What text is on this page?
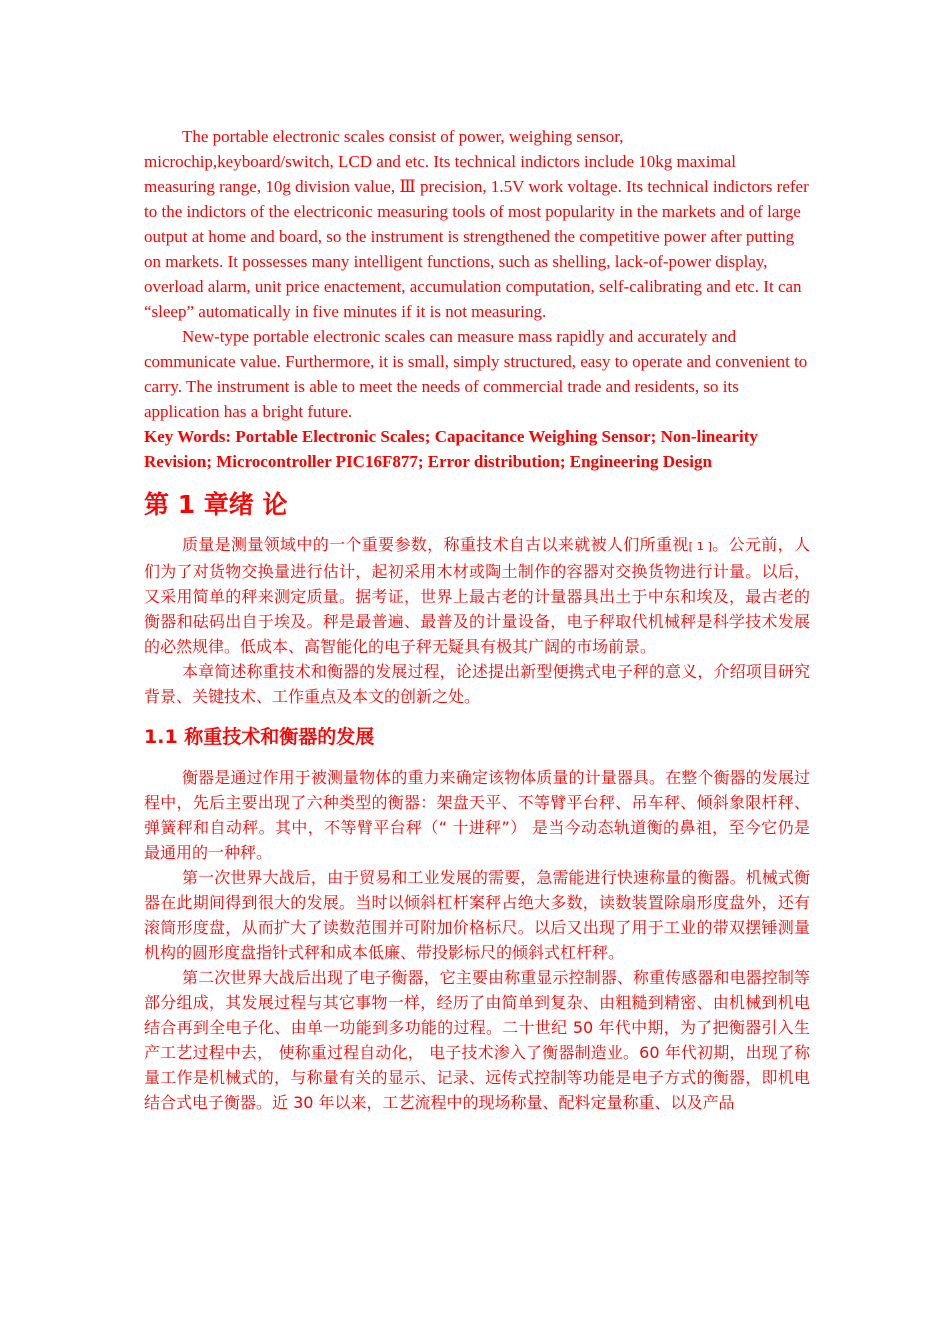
The portable electronic scales consist of power, weighing sensor, microchip,keyboard/switch, LCD and etc. Its technical indictors include 10kg maximal measuring range, 10g division value, Ⅲ precision, 1.5V work voltage. Its technical indictors refer to the indictors of the electriconic measuring tools of most popularity in the markets and of large output at home and board, so the instrument is strengthened the competitive power after putting on markets. It possesses many intelligent functions, such as shelling, lack-of-power display, overload alarm, unit price enactement, accumulation computation, self-calibrating and etc. It can “sleep” automatically in five minutes if it is not measuring.

New-type portable electronic scales can measure mass rapidly and accurately and communicate value. Furthermore, it is small, simply structured, easy to operate and convenient to carry. The instrument is able to meet the needs of commercial trade and residents, so its application has a bright future.

Key Words: Portable Electronic Scales; Capacitance Weighing Sensor; Non-linearity Revision; Microcontroller PIC16F877; Error distribution; Engineering Design

第 1 章绪 论

质量是测量领域中的一个重要参数，称重技术自古以来就被人们所重视[ 1 ]。公元前，人们为了对货物交换量进行估计，起初采用木材或陶土制作的容器对交换货物进行计量。以后，又采用简单的秤来测定质量。据考证，世界上最古老的计量器具出土于中东和埃及，最古老的衡器和砝码出自于埃及。秤是最普遍、最普及的计量设备，电子秤取代机械秤是科学技术发展的必然规律。低成本、高智能化的电子秤无疑具有极其广阔的市场前景。

本章简述称重技术和衡器的发展过程，论述提出新型便携式电子秤的意义，介绍项目研究背景、关键技术、工作重点及本文的创新之处。

1.1 称重技术和衡器的发展

衡器是通过作用于被测量物体的重力来确定该物体质量的计量器具。在整个衡器的发展过程中，先后主要出现了六种类型的衡器：架盘天平、不等臂平台秤、吊车秤、倾斜象限杆秤、弹簧秤和自动秤。其中，不等臂平台秤（“ 十进秤”） 是当今动态轨道衡的鼻祖，至今它仍是最通用的一种秤。

第一次世界大战后，由于贸易和工业发展的需要，急需能进行快速称量的衡器。机械式衡器在此期间得到很大的发展。当时以倾斜杠杆案秤占绝大多数，读数装置除扇形度盘外，还有滚筒形度盘，从而扩大了读数范围并可附加价格标尺。以后又出现了用于工业的带双摆锤测量机构的圆形度盘指针式秤和成本低廉、带投影标尺的倾斜式杠杆秤。

第二次世界大战后出现了电子衡器，它主要由称重显示控制器、称重传感器和电器控制等部分组成，其发展过程与其它事物一样，经历了由简单到复杂、由粗糙到精密、由机械到机电结合再到全电子化、由单一功能到多功能的过程。二十世纪 50 年代中期，为了把衡器引入生产工艺过程中去， 使称重过程自动化， 电子技术渗入了衡器制造业。60 年代初期，出现了称量工作是机械式的，与称量有关的显示、记录、远传式控制等功能是电子方式的衡器，即机电结合式电子衡器。近 30 年以来，工艺流程中的现场称量、配料定量称重、以及产品
